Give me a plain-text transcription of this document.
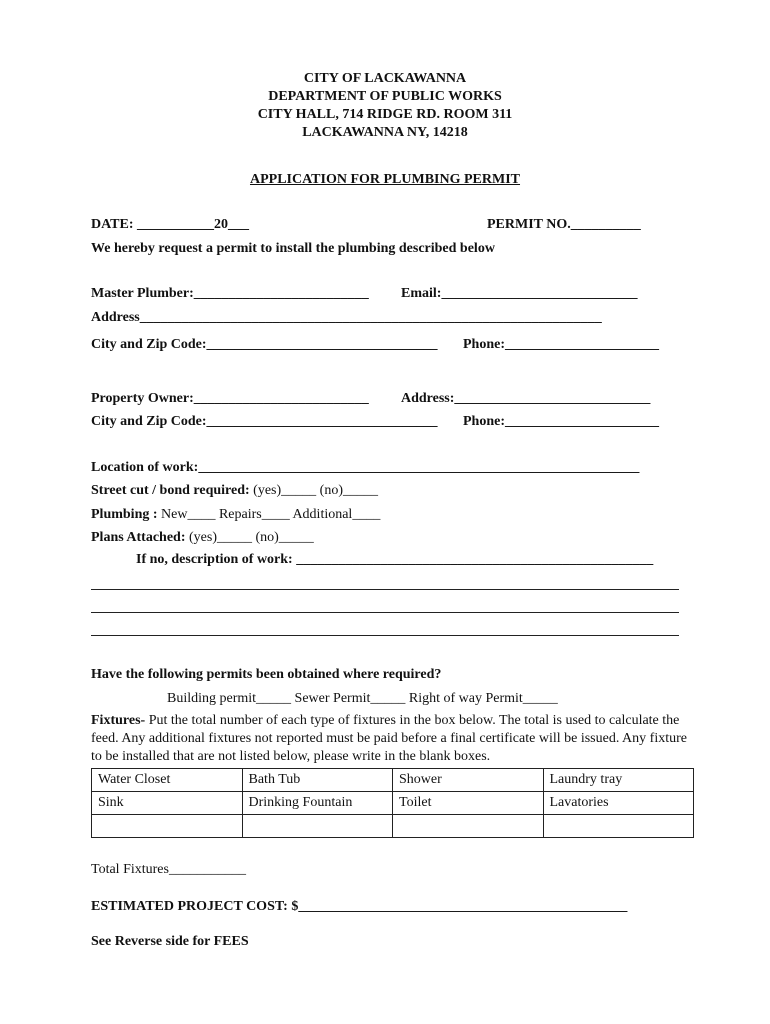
CITY OF LACKAWANNA
DEPARTMENT OF PUBLIC WORKS
CITY HALL, 714 RIDGE RD. ROOM 311
LACKAWANNA NY, 14218
APPLICATION FOR PLUMBING PERMIT
DATE: ___________20___	PERMIT NO.__________
We hereby request a permit to install the plumbing described below
Master Plumber:_________________________ Email:____________________________
Address__________________________________________________________________
City and Zip Code:_________________________________ Phone:______________________
Property Owner:_________________________ Address:____________________________
City and Zip Code:_________________________________ Phone:______________________
Location of work:_______________________________________________________________
Street cut / bond required: (yes)_____ (no)_____
Plumbing : New____ Repairs____ Additional____
Plans Attached: (yes)_____ (no)_____
If no, description of work: ___________________________________________________
Have the following permits been obtained where required?
Building permit_____ Sewer Permit_____ Right of way Permit_____
Fixtures- Put the total number of each type of fixtures in the box below. The total is used to calculate the feed. Any additional fixtures not reported must be paid before a final certificate will be issued. Any fixture to be installed that are not listed below, please write in the blank boxes.
Water Closet	Bath Tub	Shower	Laundry tray
Sink	Drinking Fountain	Toilet	Lavatories

Total Fixtures___________
ESTIMATED PROJECT COST: $_______________________________________________
See Reverse side for FEES
